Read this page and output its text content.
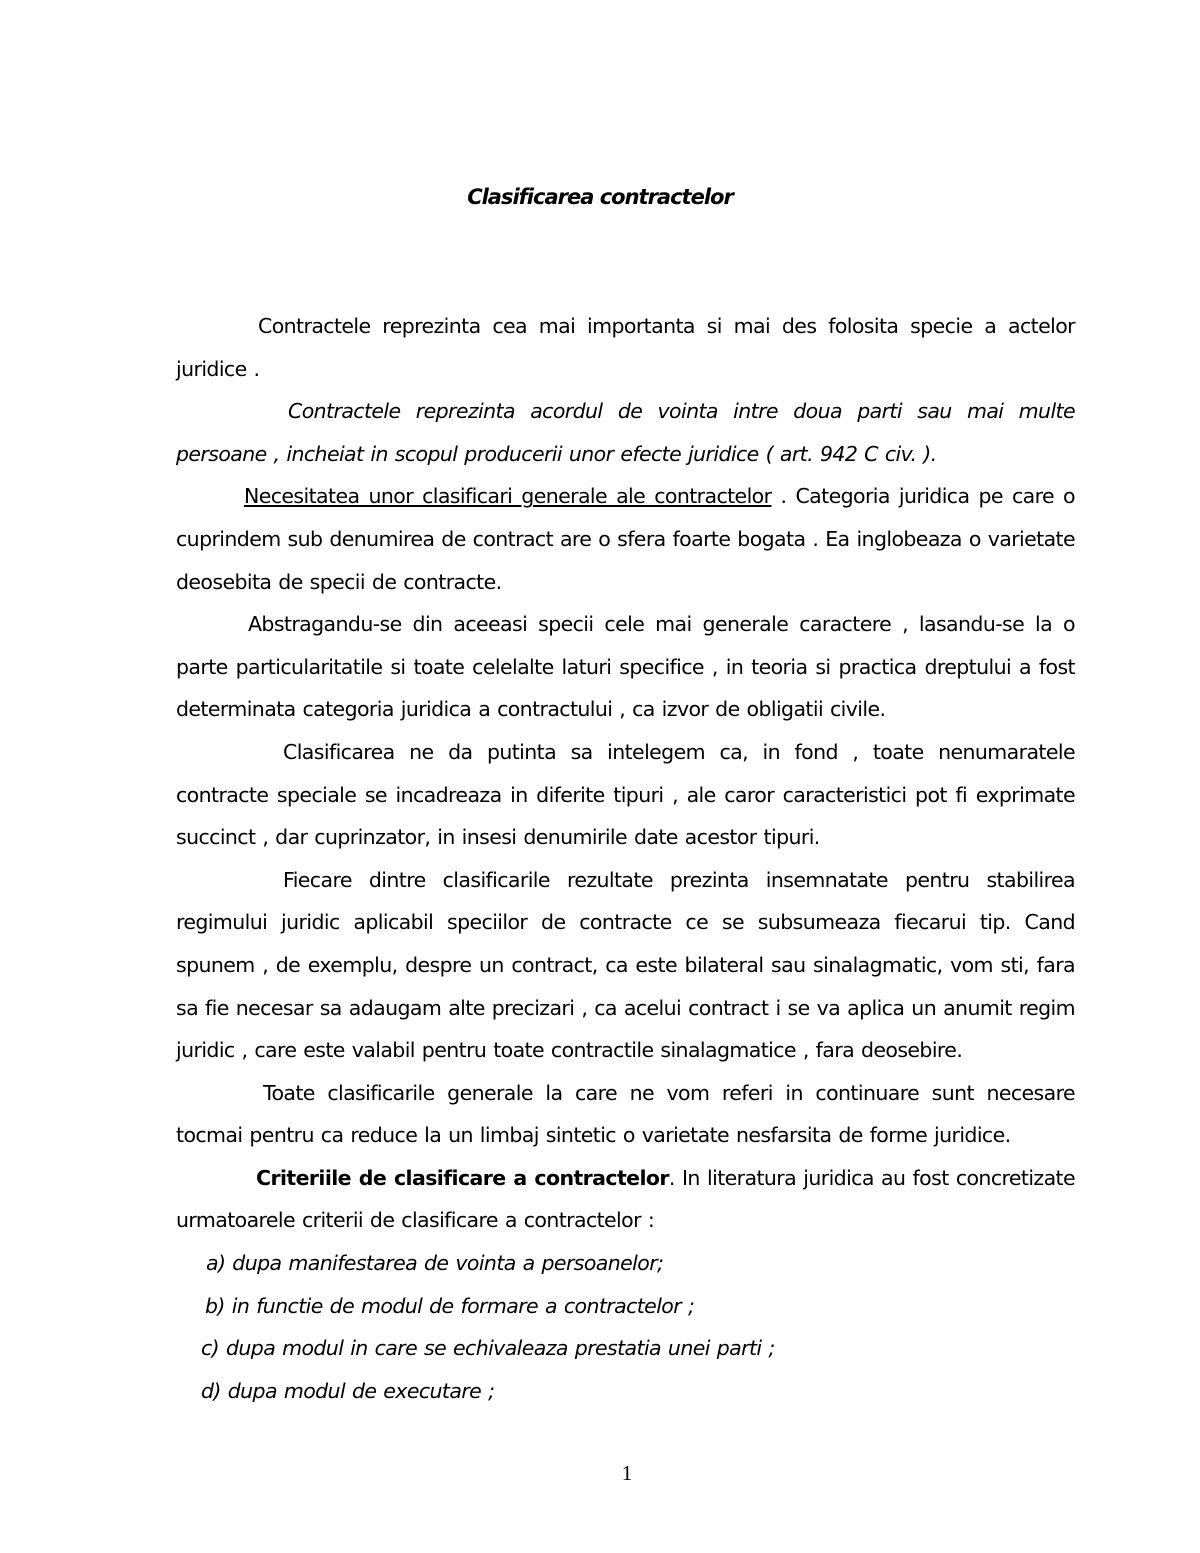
Clasificarea contractelor

Contractele reprezinta cea mai importanta si mai des folosita specie a actelor juridice .

Contractele reprezinta acordul de vointa intre doua parti sau mai multe persoane , incheiat in scopul producerii unor efecte juridice ( art. 942 C civ. ).

Necesitatea unor clasificari generale ale contractelor . Categoria juridica pe care o cuprindem sub denumirea de contract are o sfera foarte bogata . Ea inglobeaza o varietate deosebita de specii de contracte.

Abstragandu-se din aceeasi specii cele mai generale caractere , lasandu-se la o parte particularitatile si toate celelalte laturi specifice , in teoria si practica dreptului a fost determinata categoria juridica a contractului , ca izvor de obligatii civile.

Clasificarea ne da putinta sa intelegem ca, in fond , toate nenumaratele contracte speciale se incadreaza in diferite tipuri , ale caror caracteristici pot fi exprimate succinct , dar cuprinzator, in insesi denumirile date acestor tipuri.

Fiecare dintre clasificarile rezultate prezinta insemnatate pentru stabilirea regimului juridic aplicabil speciilor de contracte ce se subsumeaza fiecarui tip. Cand spunem , de exemplu, despre un contract, ca este bilateral sau sinalagmatic, vom sti, fara sa fie necesar sa adaugam alte precizari , ca acelui contract i se va aplica un anumit regim juridic , care este valabil pentru toate contractile sinalagmatice , fara deosebire.

Toate clasificarile generale la care ne vom referi in continuare sunt necesare tocmai pentru ca reduce la un limbaj sintetic o varietate nesfarsita de forme juridice.

Criteriile de clasificare a contractelor. In literatura juridica au fost concretizate urmatoarele criterii de clasificare a contractelor :

a) dupa manifestarea de vointa a persoanelor;

b) in functie de modul de formare a contractelor ;

c) dupa modul in care se echivaleaza prestatia unei parti ;

d) dupa modul de executare ;

1
